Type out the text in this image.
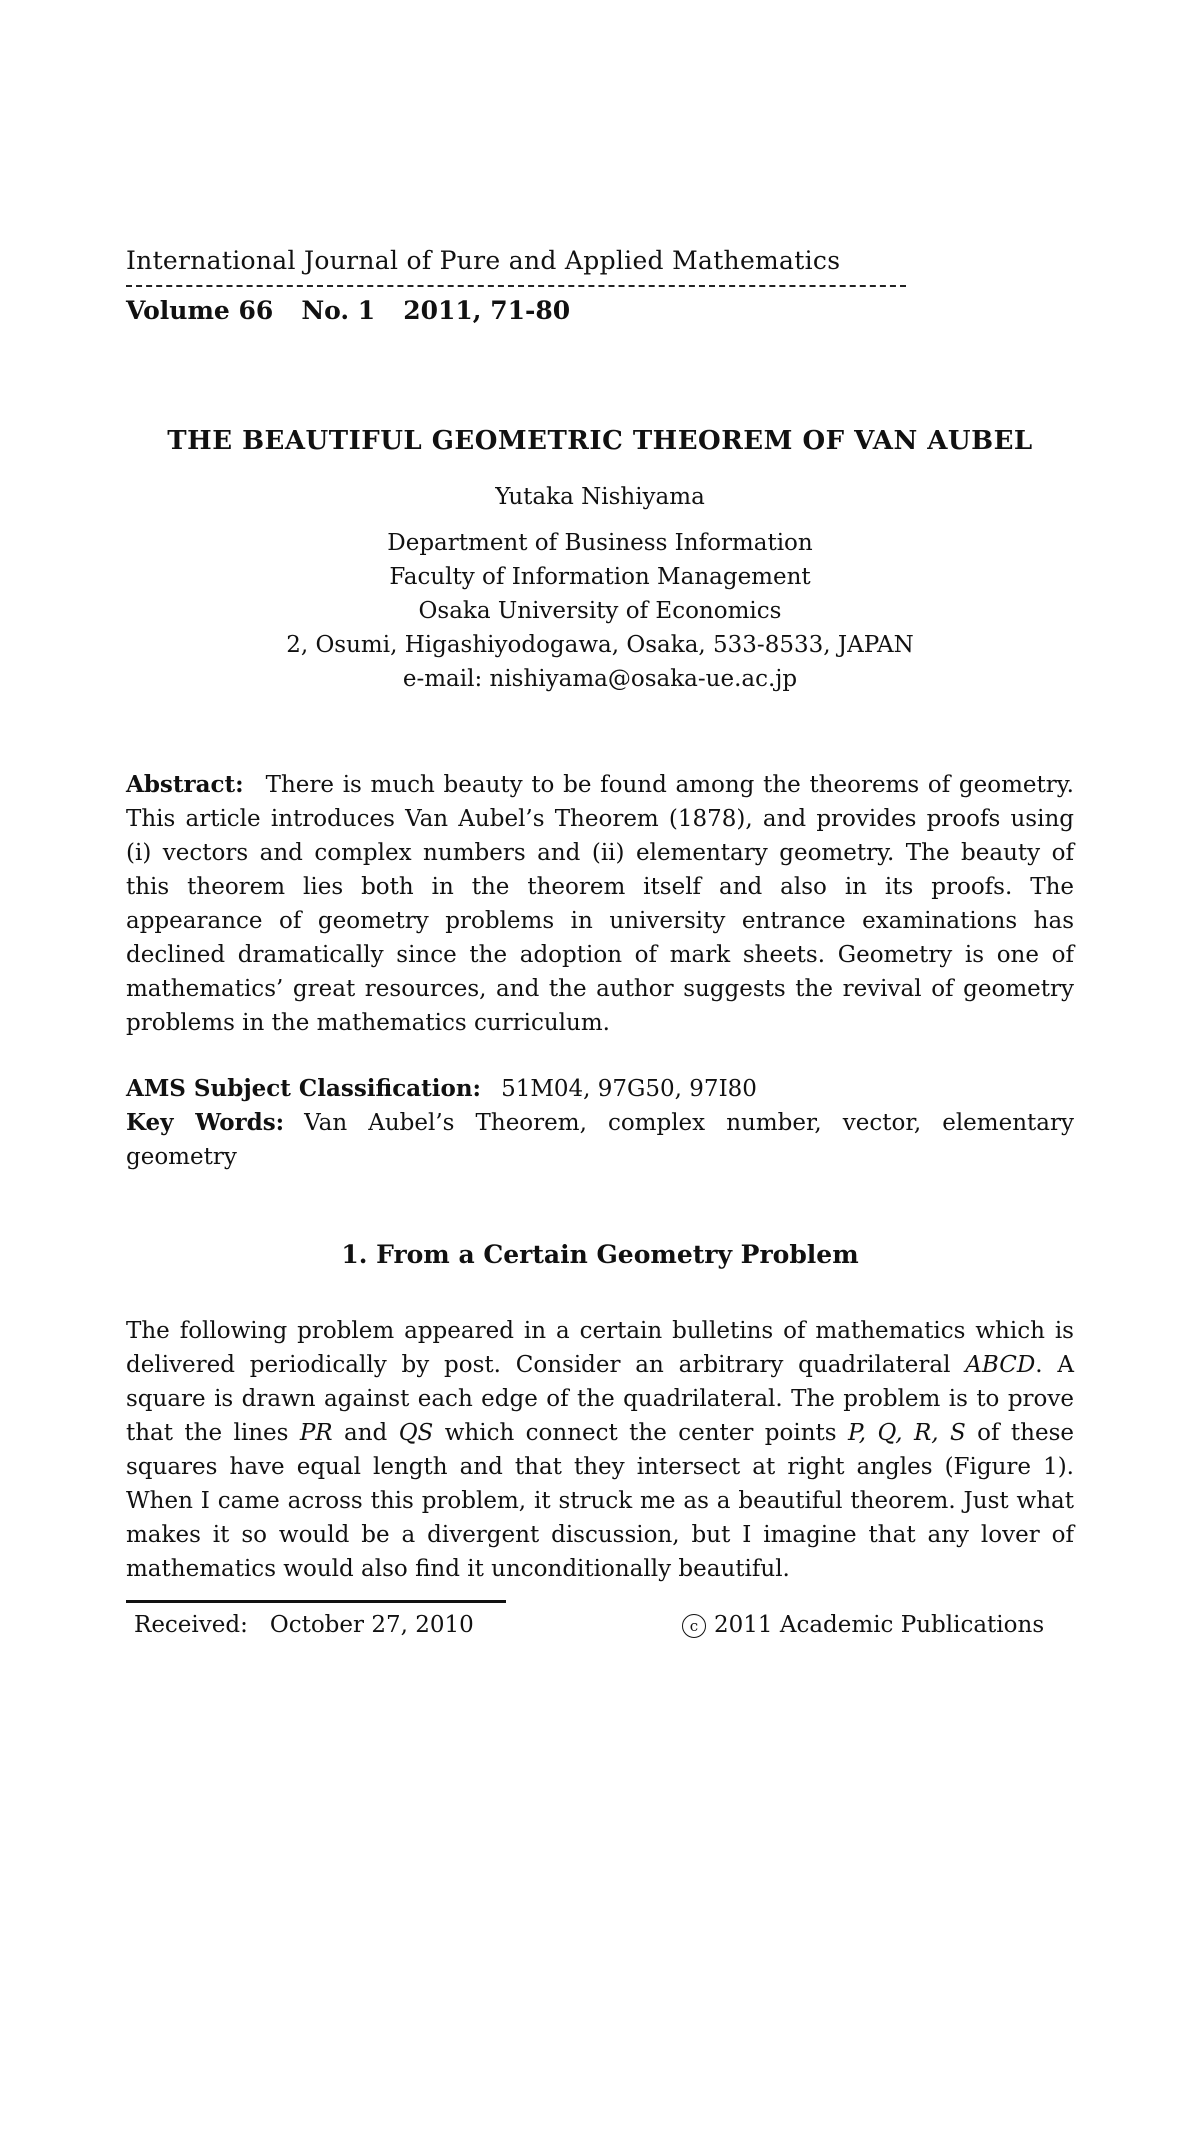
International Journal of Pure and Applied Mathematics
Volume 66 No. 1 2011, 71-80
THE BEAUTIFUL GEOMETRIC THEOREM OF VAN AUBEL
Yutaka Nishiyama
Department of Business Information
Faculty of Information Management
Osaka University of Economics
2, Osumi, Higashiyodogawa, Osaka, 533-8533, JAPAN
e-mail: nishiyama@osaka-ue.ac.jp
Abstract: There is much beauty to be found among the theorems of geometry. This article introduces Van Aubel’s Theorem (1878), and provides proofs using (i) vectors and complex numbers and (ii) elementary geometry. The beauty of this theorem lies both in the theorem itself and also in its proofs. The appearance of geometry problems in university entrance examinations has declined dramatically since the adoption of mark sheets. Geometry is one of mathematics’ great resources, and the author suggests the revival of geometry problems in the mathematics curriculum.
AMS Subject Classification: 51M04, 97G50, 97I80
Key Words: Van Aubel’s Theorem, complex number, vector, elementary geometry
1. From a Certain Geometry Problem
The following problem appeared in a certain bulletins of mathematics which is delivered periodically by post. Consider an arbitrary quadrilateral ABCD. A square is drawn against each edge of the quadrilateral. The problem is to prove that the lines PR and QS which connect the center points P, Q, R, S of these squares have equal length and that they intersect at right angles (Figure 1). When I came across this problem, it struck me as a beautiful theorem. Just what makes it so would be a divergent discussion, but I imagine that any lover of mathematics would also find it unconditionally beautiful.
Received: October 27, 2010	c 2011 Academic Publications
